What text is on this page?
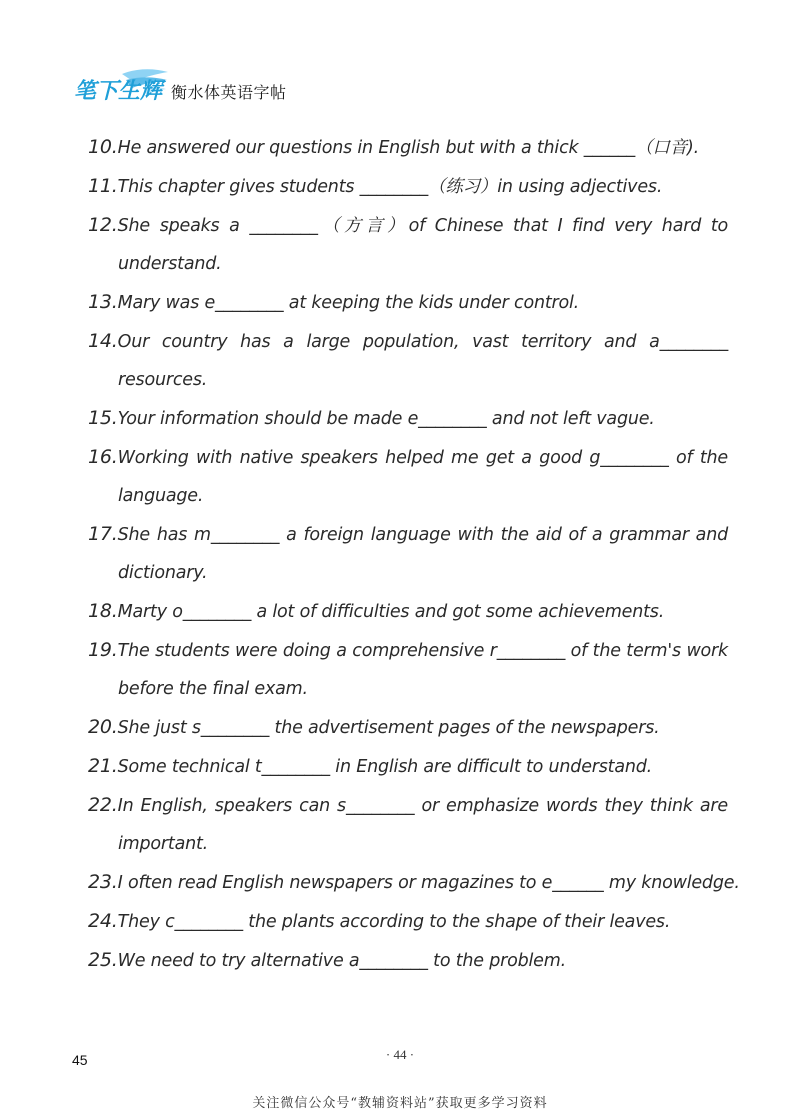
笔下生辉 衡水体英语字帖
10.He answered our questions in English but with a thick ______（口音).
11.This chapter gives students ________（练习）in using adjectives.
12.She speaks a ________（方言）of Chinese that I find very hard to
understand.
13.Mary was e________ at keeping the kids under control.
14.Our country has a large population, vast territory and a________
resources.
15.Your information should be made e________ and not left vague.
16.Working with native speakers helped me get a good g________ of the
language.
17.She has m________ a foreign language with the aid of a grammar and
dictionary.
18.Marty o________ a lot of difficulties and got some achievements.
19.The students were doing a comprehensive r________ of the term's work
before the final exam.
20.She just s________ the advertisement pages of the newspapers.
21.Some technical t________ in English are difficult to understand.
22.In English, speakers can s________ or emphasize words they think are
important.
23.I often read English newspapers or magazines to e______ my knowledge.
24.They c________ the plants according to the shape of their leaves.
25.We need to try alternative a________ to the problem.
45	· 44 ·
关注微信公众号“教辅资料站”获取更多学习资料
